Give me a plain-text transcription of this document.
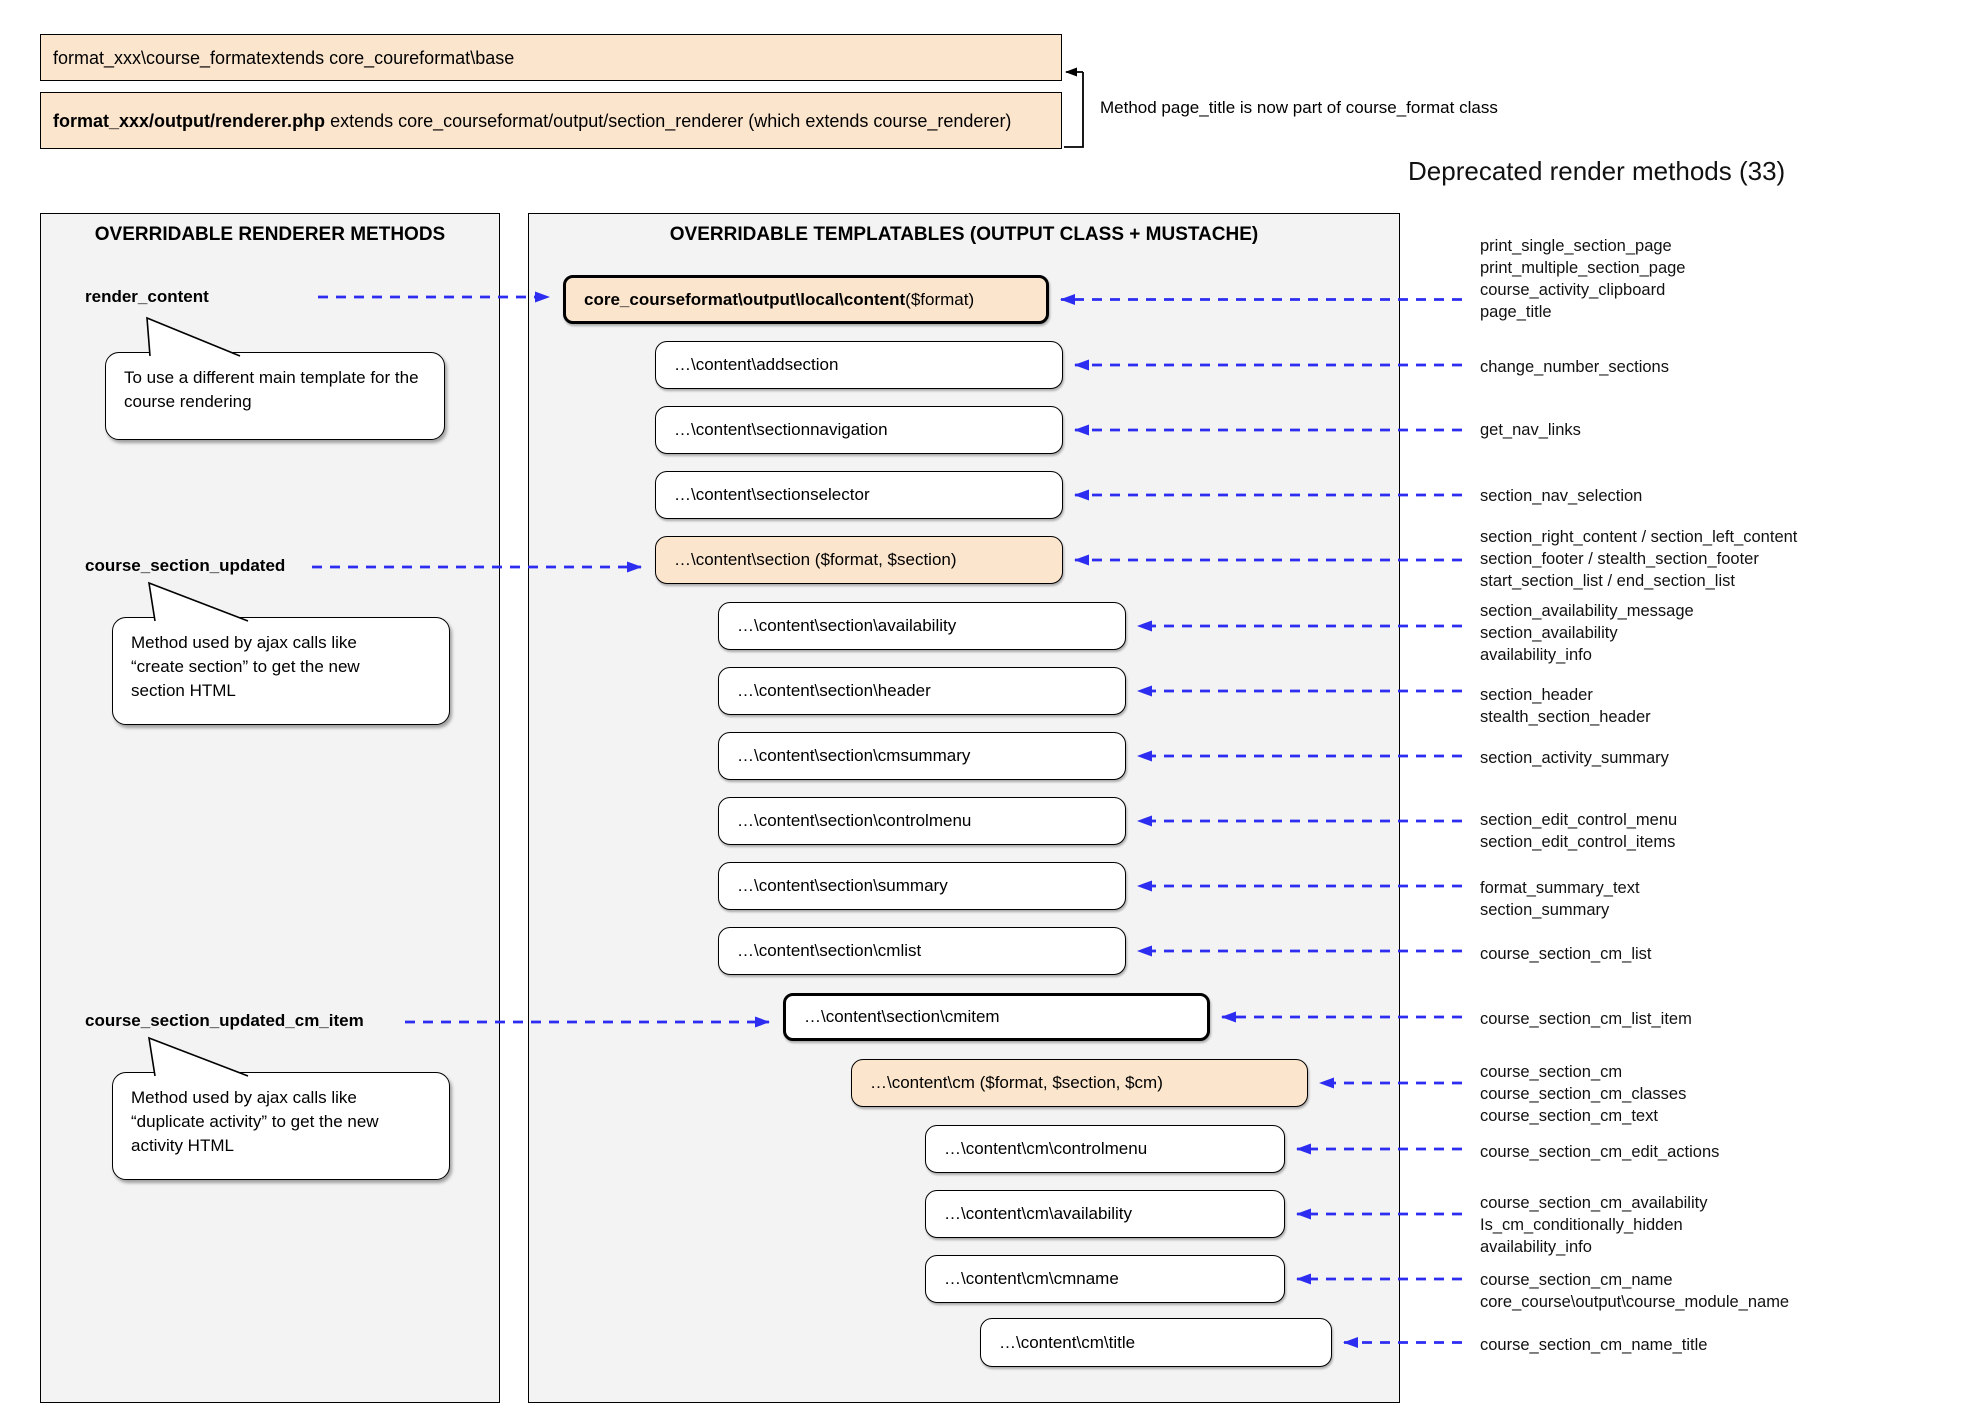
format_xxx\course_format extends core_coureformat\base
format_xxx/output/renderer.php extends core_courseformat/output/section_renderer (which extends course_renderer)
Method page_title is now part of course_format class
Deprecated render methods (33)
OVERRIDABLE RENDERER METHODS	OVERRIDABLE TEMPLATABLES (OUTPUT CLASS + MUSTACHE)
render_content
course_section_updated
course_section_updated_cm_item
To use a different main template for the course rendering
Method used by ajax calls like “create section” to get the new section HTML
Method used by ajax calls like “duplicate activity” to get the new activity HTML
core_courseformat\output\local\content ($format)
…\content\addsection
…\content\sectionnavigation
…\content\sectionselector
…\content\section ($format, $section)
…\content\section\availability
…\content\section\header
…\content\section\cmsummary
…\content\section\controlmenu
…\content\section\summary
…\content\section\cmlist
…\content\section\cmitem
…\content\cm ($format, $section, $cm)
…\content\cm\controlmenu
…\content\cm\availability
…\content\cm\cmname
…\content\cm\title
print_single_section_page
print_multiple_section_page
course_activity_clipboard
page_title
change_number_sections
get_nav_links
section_nav_selection
section_right_content / section_left_content
section_footer / stealth_section_footer
start_section_list / end_section_list
section_availability_message
section_availability
availability_info
section_header
stealth_section_header
section_activity_summary
section_edit_control_menu
section_edit_control_items
format_summary_text
section_summary
course_section_cm_list
course_section_cm_list_item
course_section_cm
course_section_cm_classes
course_section_cm_text
course_section_cm_edit_actions
course_section_cm_availability
Is_cm_conditionally_hidden
availability_info
course_section_cm_name
core_course\output\course_module_name
course_section_cm_name_title
